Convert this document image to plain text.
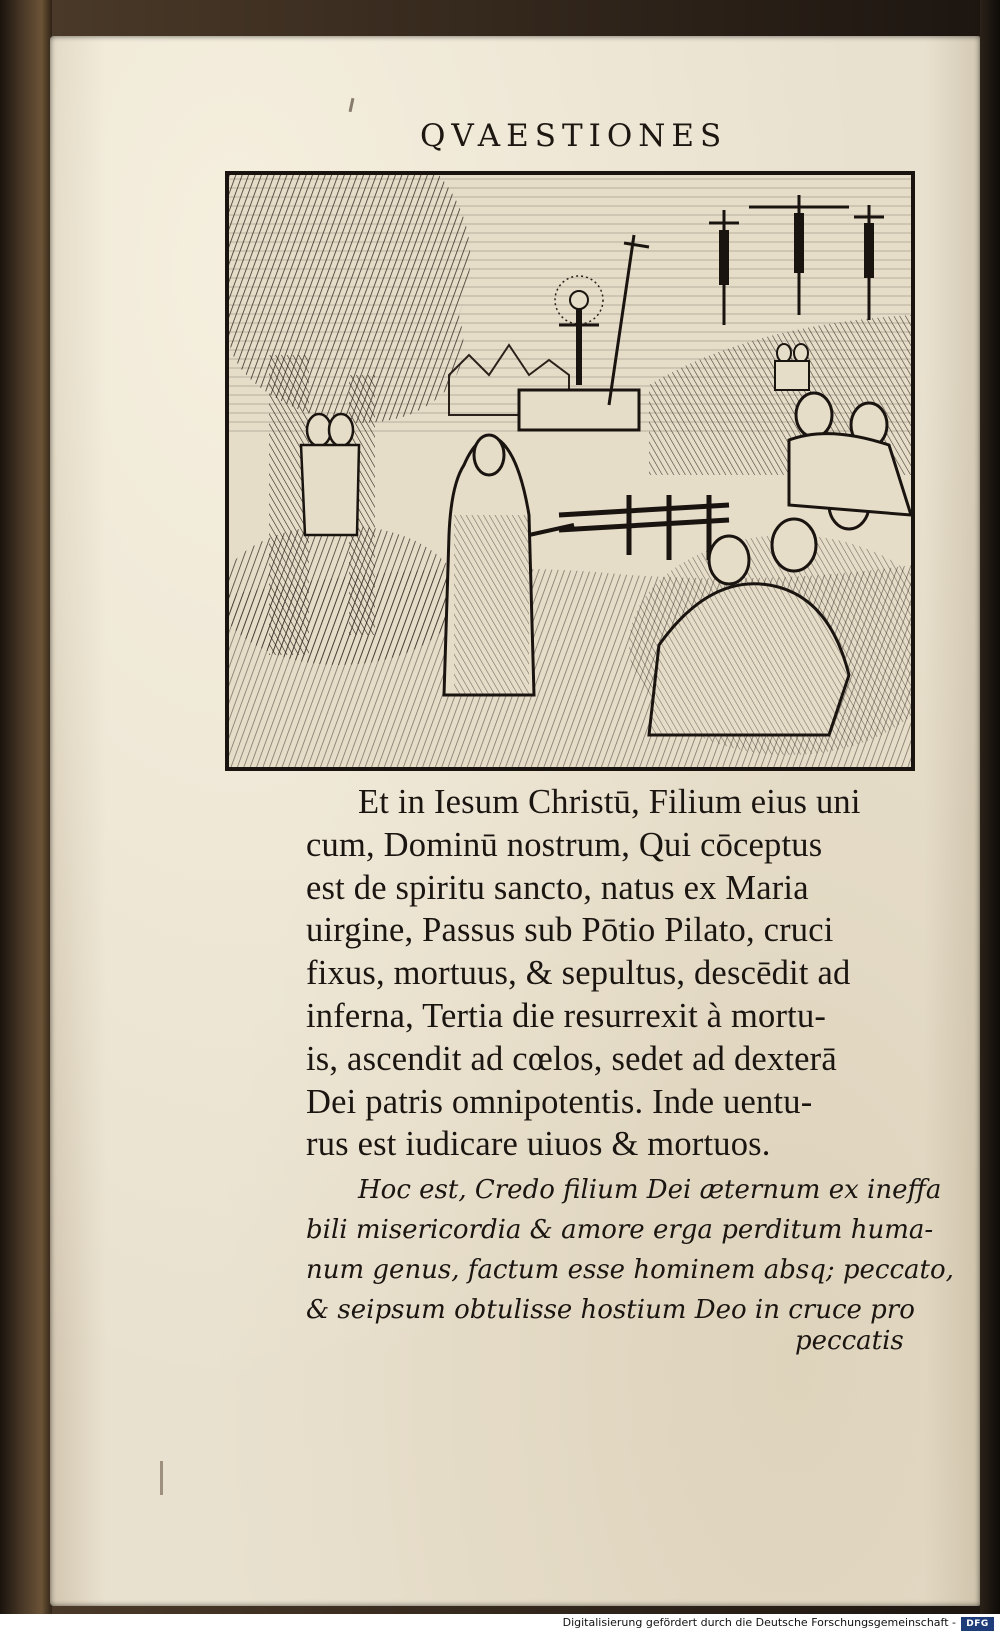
QVAESTIONES
Et in Iesum Christū, Filium eius uni
cum, Dominū nostrum, Qui cōceptus
est de spiritu sancto, natus ex Maria
uirgine, Passus sub Pōtio Pilato, cruci
fixus, mortuus, & sepultus, descēdit ad
inferna, Tertia die resurrexit à mortu-
is, ascendit ad cœlos, sedet ad dexterā
Dei patris omnipotentis. Inde uentu-
rus est iudicare uiuos & mortuos.
Hoc est, Credo filium Dei æternum ex ineffa
bili misericordia & amore erga perditum huma-
num genus, factum esse hominem absq; peccato,
& seipsum obtulisse hostium Deo in cruce pro
peccatis
Digitalisierung gefördert durch die Deutsche Forschungsgemeinschaft -	DFG
